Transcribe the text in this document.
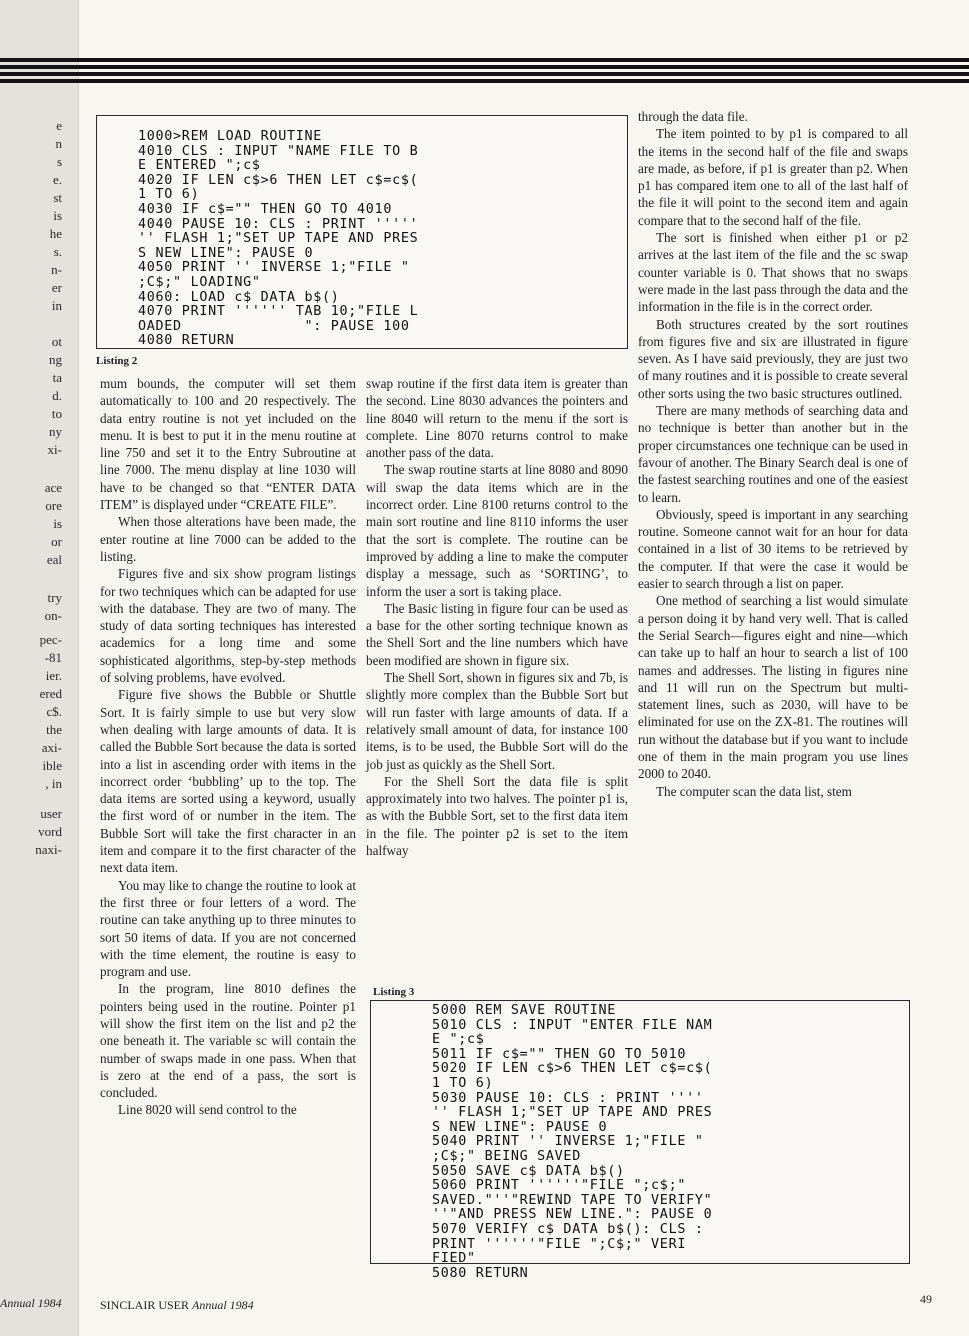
Annual 1984
e
n
s
e.
st
is
he
s.
n-
er
in
ot
ng
ta
d.
to
ny
xi-
ace
ore
is
or
eal
try
on-
pec-
-81
ier.
ered
c$.
the
axi-
ible
, in
user
vord
naxi-
1000>REM LOAD ROUTINE
4010 CLS : INPUT "NAME FILE TO B
E ENTERED ";c$
4020 IF LEN c$>6 THEN LET c$=c$(
1 TO 6)
4030 IF c$="" THEN GO TO 4010
4040 PAUSE 10: CLS : PRINT '''''
'' FLASH 1;"SET UP TAPE AND PRES
S NEW LINE": PAUSE 0
4050 PRINT '' INVERSE 1;"FILE "
;C$;" LOADING"
4060: LOAD c$ DATA b$()
4070 PRINT '''''' TAB 10;"FILE L
OADED              ": PAUSE 100
4080 RETURN
Listing 2

mum bounds, the computer will set them automatically to 100 and 20 respectively. The data entry routine is not yet included on the menu. It is best to put it in the menu routine at line 750 and set it to the Entry Subroutine at line 7000. The menu display at line 1030 will have to be changed so that “ENTER DATA ITEM” is displayed under “CREATE FILE”.

When those alterations have been made, the enter routine at line 7000 can be added to the listing.

Figures five and six show program listings for two techniques which can be adapted for use with the database. They are two of many. The study of data sorting techniques has interested academics for a long time and some sophisticated algorithms, step-by-step methods of solving problems, have evolved.

Figure five shows the Bubble or Shuttle Sort. It is fairly simple to use but very slow when dealing with large amounts of data. It is called the Bubble Sort because the data is sorted into a list in ascending order with items in the incorrect order ‘bubbling’ up to the top. The data items are sorted using a keyword, usually the first word of or number in the item. The Bubble Sort will take the first character in an item and compare it to the first character of the next data item.

You may like to change the routine to look at the first three or four letters of a word. The routine can take anything up to three minutes to sort 50 items of data. If you are not concerned with the time element, the routine is easy to program and use.

In the program, line 8010 defines the pointers being used in the routine. Pointer p1 will show the first item on the list and p2 the one beneath it. The variable sc will contain the number of swaps made in one pass. When that is zero at the end of a pass, the sort is concluded.

Line 8020 will send control to the

swap routine if the first data item is greater than the second. Line 8030 advances the pointers and line 8040 will return to the menu if the sort is complete. Line 8070 returns control to make another pass of the data.

The swap routine starts at line 8080 and 8090 will swap the data items which are in the incorrect order. Line 8100 returns control to the main sort routine and line 8110 informs the user that the sort is complete. The routine can be improved by adding a line to make the computer display a message, such as ‘SORTING’, to inform the user a sort is taking place.

The Basic listing in figure four can be used as a base for the other sorting technique known as the Shell Sort and the line numbers which have been modified are shown in figure six.

The Shell Sort, shown in figures six and 7b, is slightly more complex than the Bubble Sort but will run faster with large amounts of data. If a relatively small amount of data, for instance 100 items, is to be used, the Bubble Sort will do the job just as quickly as the Shell Sort.

For the Shell Sort the data file is split approximately into two halves. The pointer p1 is, as with the Bubble Sort, set to the first data item in the file. The pointer p2 is set to the item halfway

through the data file.

The item pointed to by p1 is compared to all the items in the second half of the file and swaps are made, as before, if p1 is greater than p2. When p1 has compared item one to all of the last half of the file it will point to the second item and again compare that to the second half of the file.

The sort is finished when either p1 or p2 arrives at the last item of the file and the sc swap counter variable is 0. That shows that no swaps were made in the last pass through the data and the information in the file is in the correct order.

Both structures created by the sort routines from figures five and six are illustrated in figure seven. As I have said previously, they are just two of many routines and it is possible to create several other sorts using the two basic structures outlined.

There are many methods of searching data and no technique is better than another but in the proper circumstances one technique can be used in favour of another. The Binary Search deal is one of the fastest searching routines and one of the easiest to learn.

Obviously, speed is important in any searching routine. Someone cannot wait for an hour for data contained in a list of 30 items to be retrieved by the computer. If that were the case it would be easier to search through a list on paper.

One method of searching a list would simulate a person doing it by hand very well. That is called the Serial Search—figures eight and nine—which can take up to half an hour to search a list of 100 names and addresses. The listing in figures nine and 11 will run on the Spectrum but multi-statement lines, such as 2030, will have to be eliminated for use on the ZX-81. The routines will run without the database but if you want to include one of them in the main program you use lines 2000 to 2040.

The computer scan the data list, stem

Listing 3
5000 REM SAVE ROUTINE
5010 CLS : INPUT "ENTER FILE NAM
E ";c$
5011 IF c$="" THEN GO TO 5010
5020 IF LEN c$>6 THEN LET c$=c$(
1 TO 6)
5030 PAUSE 10: CLS : PRINT ''''
'' FLASH 1;"SET UP TAPE AND PRES
S NEW LINE": PAUSE 0
5040 PRINT '' INVERSE 1;"FILE "
;C$;" BEING SAVED
5050 SAVE c$ DATA b$()
5060 PRINT ''''''"FILE ";c$;"
SAVED."''"REWIND TAPE TO VERIFY"
''"AND PRESS NEW LINE.": PAUSE 0
5070 VERIFY c$ DATA b$(): CLS :
PRINT ''''''"FILE ";C$;" VERI
FIED"
5080 RETURN
SINCLAIR USER Annual 1984	49
